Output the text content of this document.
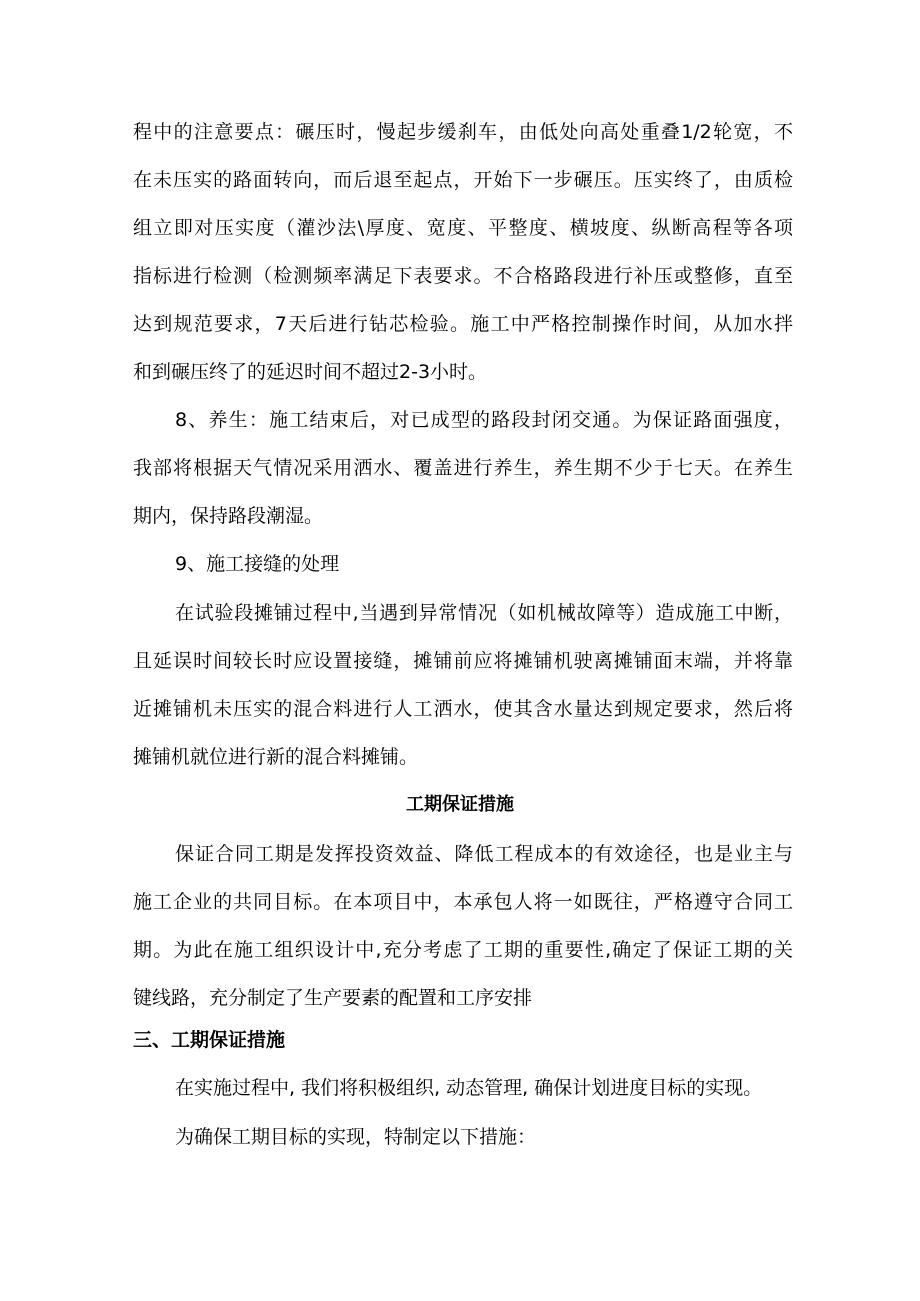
程中的注意要点：碾压时，慢起步缓刹车，由低处向高处重叠1/2轮宽，不
在未压实的路面转向，而后退至起点，开始下一步碾压。压实终了，由质检
组立即对压实度（灌沙法\厚度、宽度、平整度、横坡度、纵断高程等各项
指标进行检测（检测频率满足下表要求。不合格路段进行补压或整修，直至
达到规范要求，7天后进行钻芯检验。施工中严格控制操作时间，从加水拌
和到碾压终了的延迟时间不超过2-3小时。
8、养生：施工结束后，对已成型的路段封闭交通。为保证路面强度，
我部将根据天气情况采用洒水、覆盖进行养生，养生期不少于七天。在养生
期内，保持路段潮湿。
9、施工接缝的处理
在试验段摊铺过程中,当遇到异常情况（如机械故障等）造成施工中断，
且延误时间较长时应设置接缝，摊铺前应将摊铺机驶离摊铺面末端，并将靠
近摊铺机未压实的混合料进行人工洒水，使其含水量达到规定要求，然后将
摊铺机就位进行新的混合料摊铺。
工期保证措施
保证合同工期是发挥投资效益、降低工程成本的有效途径，也是业主与
施工企业的共同目标。在本项目中，本承包人将一如既往，严格遵守合同工
期。为此在施工组织设计中,充分考虑了工期的重要性,确定了保证工期的关
键线路，充分制定了生产要素的配置和工序安排
三、工期保证措施
在实施过程中, 我们将积极组织, 动态管理, 确保计划进度目标的实现。
为确保工期目标的实现，特制定以下措施：
